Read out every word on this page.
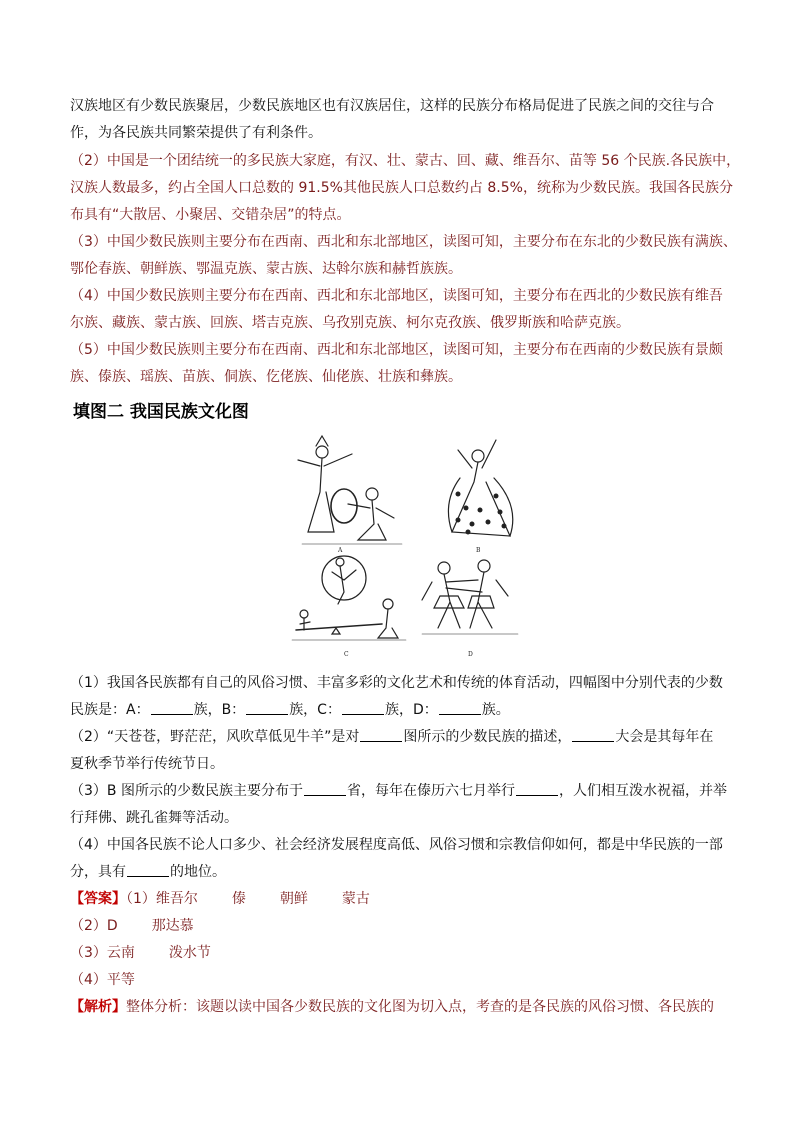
汉族地区有少数民族聚居，少数民族地区也有汉族居住，这样的民族分布格局促进了民族之间的交往与合
作，为各民族共同繁荣提供了有利条件。
（2）中国是一个团结统一的多民族大家庭，有汉、壮、蒙古、回、藏、维吾尔、苗等 56 个民族.各民族中，
汉族人数最多，约占全国人口总数的 91.5%其他民族人口总数约占 8.5%，统称为少数民族。我国各民族分
布具有“大散居、小聚居、交错杂居”的特点。
（3）中国少数民族则主要分布在西南、西北和东北部地区，读图可知，主要分布在东北的少数民族有满族、
鄂伦春族、朝鲜族、鄂温克族、蒙古族、达斡尔族和赫哲族族。
（4）中国少数民族则主要分布在西南、西北和东北部地区，读图可知，主要分布在西北的少数民族有维吾
尔族、藏族、蒙古族、回族、塔吉克族、乌孜别克族、柯尔克孜族、俄罗斯族和哈萨克族。
（5）中国少数民族则主要分布在西南、西北和东北部地区，读图可知，主要分布在西南的少数民族有景颇
族、傣族、瑶族、苗族、侗族、仡佬族、仙佬族、壮族和彝族。
填图二 我国民族文化图
A	B
C	D
（1）我国各民族都有自己的风俗习惯、丰富多彩的文化艺术和传统的体育活动，四幅图中分别代表的少数
民族是：A：	族，B：	族，C：	族，D：	族。
（2）“天苍苍，野茫茫，风吹草低见牛羊”是对	图所示的少数民族的描述，	大会是其每年在
夏秋季节举行传统节日。
（3）B 图所示的少数民族主要分布于	省，每年在傣历六七月举行	，人们相互泼水祝福，并举
行拜佛、跳孔雀舞等活动。
（4）中国各民族不论人口多少、社会经济发展程度高低、风俗习惯和宗教信仰如何，都是中华民族的一部
分，具有	的地位。
【答案】（1）维吾尔 傣 朝鲜 蒙古
（2）D 那达慕
（3）云南 泼水节
（4）平等
【解析】整体分析：该题以读中国各少数民族的文化图为切入点，考查的是各民族的风俗习惯、各民族的
